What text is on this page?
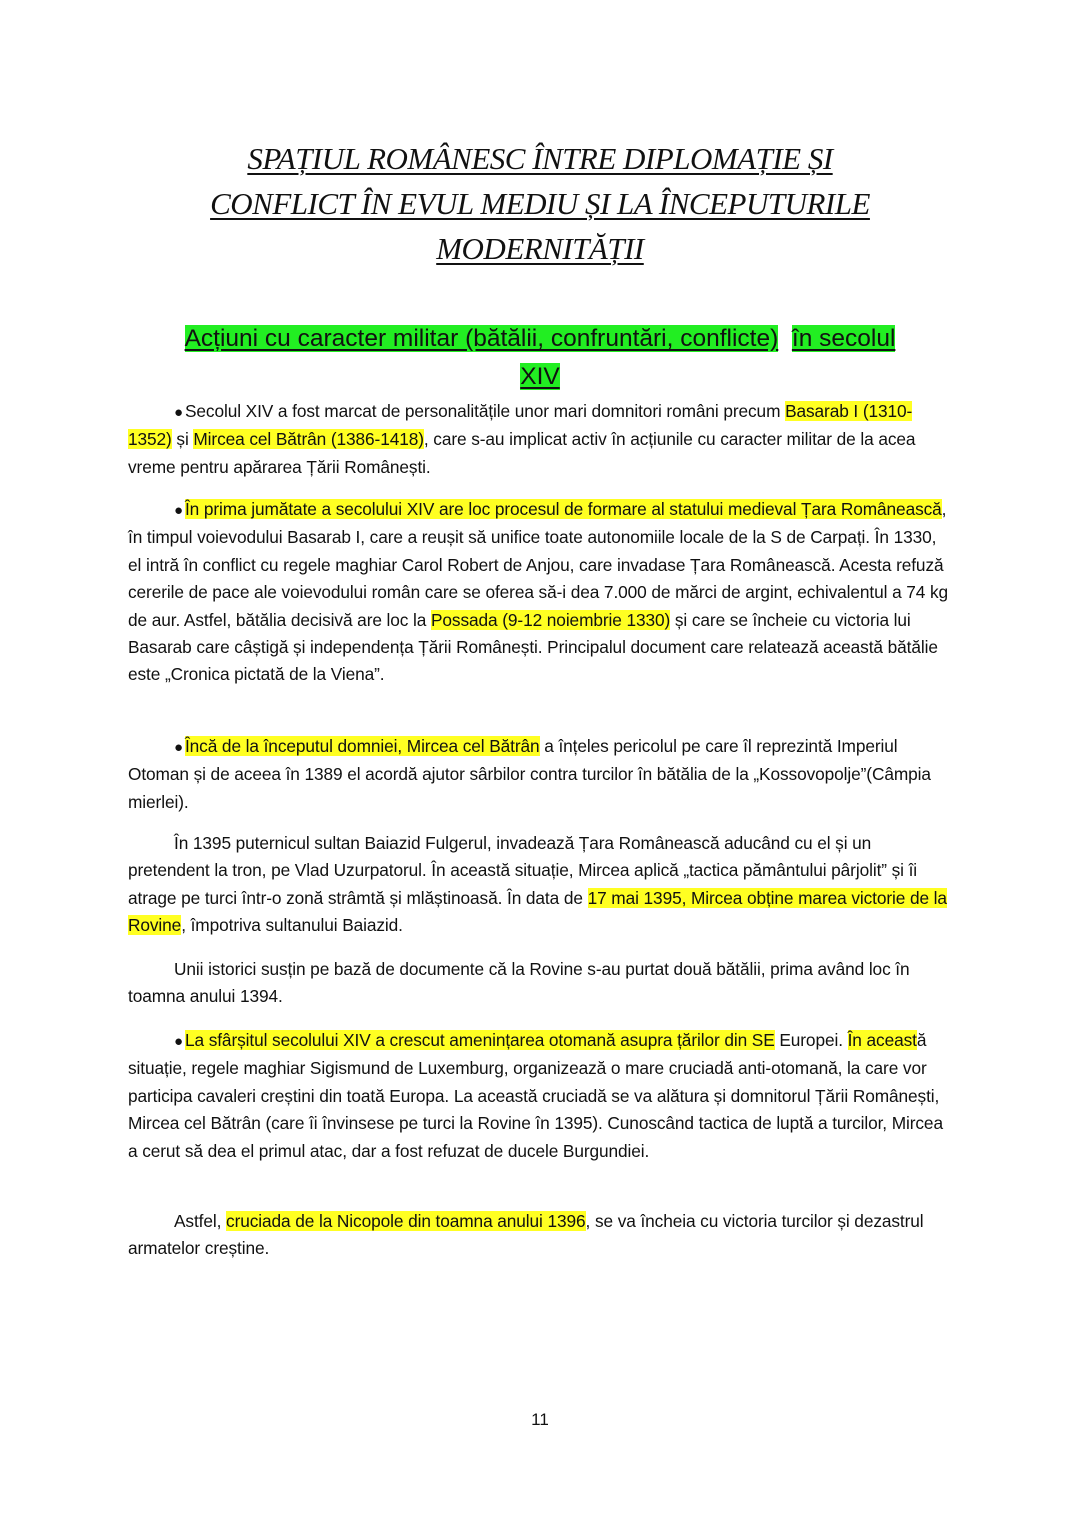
SPAȚIUL ROMÂNESC ÎNTRE DIPLOMAȚIE ȘI
CONFLICT ÎN EVUL MEDIU ȘI LA ÎNCEPUTURILE
MODERNITĂȚII
Acțiuni cu caracter militar (bătălii, confruntări, conflicte) în secolul
XIV
● Secolul XIV a fost marcat de personalitățile unor mari domnitori români precum Basarab I (1310-1352) și Mircea cel Bătrân (1386-1418), care s-au implicat activ în acțiunile cu caracter militar de la acea vreme pentru apărarea Țării Românești.
● În prima jumătate a secolului XIV are loc procesul de formare al statului medieval Țara Românească, în timpul voievodului Basarab I, care a reușit să unifice toate autonomiile locale de la S de Carpați. În 1330, el intră în conflict cu regele maghiar Carol Robert de Anjou, care invadase Țara Românească. Acesta refuză cererile de pace ale voievodului român care se oferea să-i dea 7.000 de mărci de argint, echivalentul a 74 kg de aur. Astfel, bătălia decisivă are loc la Possada (9-12 noiembrie 1330) și care se încheie cu victoria lui Basarab care câștigă și independența Țării Românești. Principalul document care relatează această bătălie este „Cronica pictată de la Viena”.
● Încă de la începutul domniei, Mircea cel Bătrân a înțeles pericolul pe care îl reprezintă Imperiul Otoman și de aceea în 1389 el acordă ajutor sârbilor contra turcilor în bătălia de la „Kossovopolje”(Câmpia mierlei).
În 1395 puternicul sultan Baiazid Fulgerul, invadează Țara Românească aducând cu el și un pretendent la tron, pe Vlad Uzurpatorul. În această situație, Mircea aplică „tactica pământului pârjolit” și îi atrage pe turci într-o zonă strâmtă și mlăștinoasă. În data de 17 mai 1395, Mircea obține marea victorie de la Rovine, împotriva sultanului Baiazid.
Unii istorici susțin pe bază de documente că la Rovine s-au purtat două bătălii, prima având loc în toamna anului 1394.
● La sfârșitul secolului XIV a crescut amenințarea otomană asupra țărilor din SE Europei. În această situație, regele maghiar Sigismund de Luxemburg, organizează o mare cruciadă anti-otomană, la care vor participa cavaleri creștini din toată Europa. La această cruciadă se va alătura și domnitorul Țării Românești, Mircea cel Bătrân (care îi învinsese pe turci la Rovine în 1395). Cunoscând tactica de luptă a turcilor, Mircea a cerut să dea el primul atac, dar a fost refuzat de ducele Burgundiei.
Astfel, cruciada de la Nicopole din toamna anului 1396, se va încheia cu victoria turcilor și dezastrul armatelor creștine.
11
